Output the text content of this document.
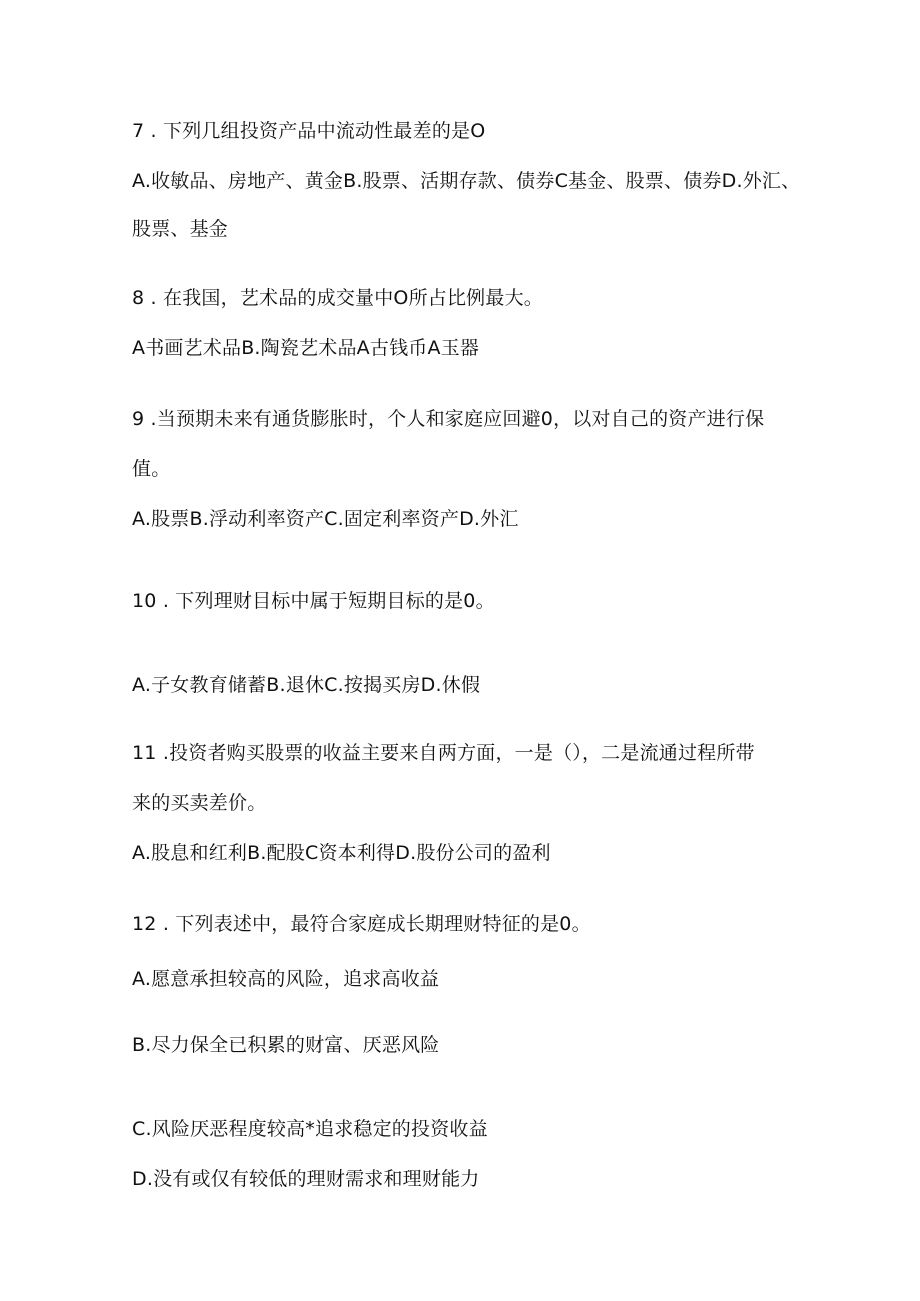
7 . 下列几组投资产品中流动性最差的是O
A.收敏品、房地产、黄金B.股票、活期存款、债券C基金、股票、债券D.外汇、
股票、基金
8 . 在我国，艺术品的成交量中O所占比例最大。
A书画艺术品B.陶瓷艺术品A古钱币A玉器
9 .当预期未来有通货膨胀时，个人和家庭应回避0，以对自己的资产进行保
值。
A.股票B.浮动利率资产C.固定利率资产D.外汇
10 . 下列理财目标中属于短期目标的是0。
A.子女教育储蓄B.退休C.按揭买房D.休假
11 .投资者购买股票的收益主要来自两方面，一是（），二是流通过程所带
来的买卖差价。
A.股息和红利B.配股C资本利得D.股份公司的盈利
12 . 下列表述中，最符合家庭成长期理财特征的是0。
A.愿意承担较高的风险，追求高收益
B.尽力保全已积累的财富、厌恶风险
C.风险厌恶程度较高*追求稳定的投资收益
D.没有或仅有较低的理财需求和理财能力
